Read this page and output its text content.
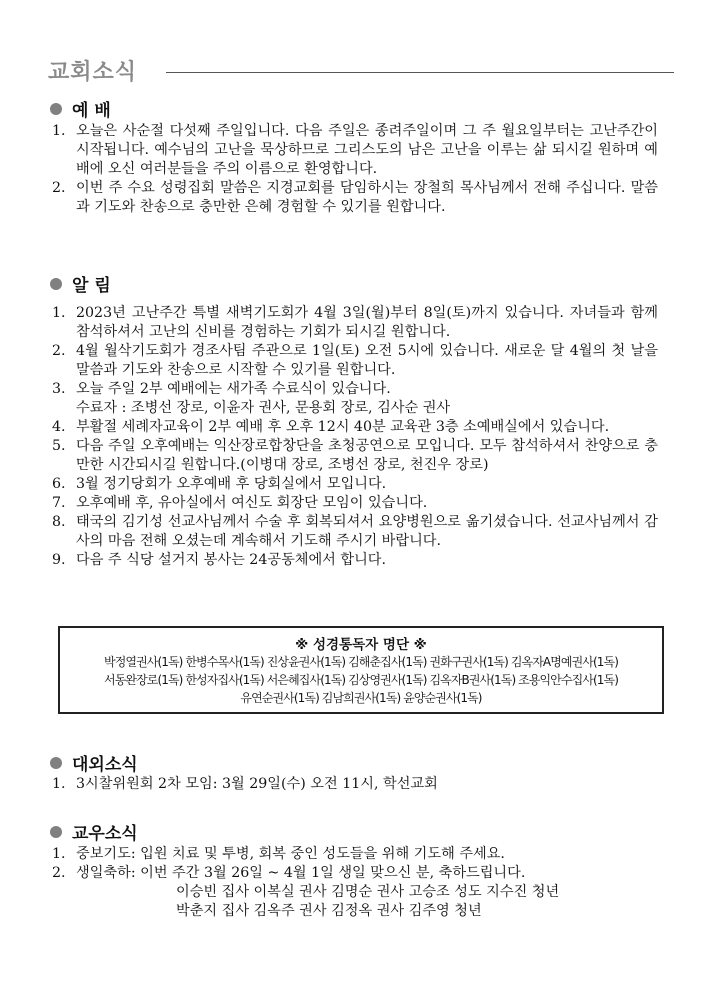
교회소식
예 배
1. 오늘은 사순절 다섯째 주일입니다. 다음 주일은 종려주일이며 그 주 월요일부터는 고난주간이 시작됩니다. 예수님의 고난을 묵상하므로 그리스도의 남은 고난을 이루는 삶 되시길 원하며 예배에 오신 여러분들을 주의 이름으로 환영합니다.
2. 이번 주 수요 성령집회 말씀은 지경교회를 담임하시는 장철희 목사님께서 전해 주십니다. 말씀과 기도와 찬송으로 충만한 은혜 경험할 수 있기를 원합니다.
알 림
1. 2023년 고난주간 특별 새벽기도회가 4월 3일(월)부터 8일(토)까지 있습니다. 자녀들과 함께 참석하셔서 고난의 신비를 경험하는 기회가 되시길 원합니다.
2. 4월 월삭기도회가 경조사팀 주관으로 1일(토) 오전 5시에 있습니다. 새로운 달 4월의 첫 날을 말씀과 기도와 찬송으로 시작할 수 있기를 원합니다.
3. 오늘 주일 2부 예배에는 새가족 수료식이 있습니다.
수료자 : 조병선 장로, 이윤자 권사, 문용회 장로, 김사순 권사
4. 부활절 세례자교육이 2부 예배 후 오후 12시 40분 교육관 3층 소예배실에서 있습니다.
5. 다음 주일 오후예배는 익산장로합창단을 초청공연으로 모입니다. 모두 참석하셔서 찬양으로 충만한 시간되시길 원합니다.(이병대 장로, 조병선 장로, 천진우 장로)
6. 3월 정기당회가 오후예배 후 당회실에서 모입니다.
7. 오후예배 후, 유아실에서 여신도 회장단 모임이 있습니다.
8. 태국의 김기성 선교사님께서 수술 후 회복되셔서 요양병원으로 옮기셨습니다. 선교사님께서 감사의 마음 전해 오셨는데 계속해서 기도해 주시기 바랍니다.
9. 다음 주 식당 설거지 봉사는 24공동체에서 합니다.
※ 성경통독자 명단 ※
박정열권사(1독) 한병수목사(1독) 진상윤권사(1독) 김해춘집사(1독) 권화구권사(1독) 김옥자A명예권사(1독)
서동완장로(1독) 한성자집사(1독) 서은혜집사(1독) 김상영권사(1독) 김옥자B권사(1독) 조용익안수집사(1독)
유연순권사(1독) 김남희권사(1독) 윤양순권사(1독)
대외소식
1. 3시찰위원회 2차 모임: 3월 29일(수) 오전 11시, 학선교회
교우소식
1. 중보기도: 입원 치료 및 투병, 회복 중인 성도들을 위해 기도해 주세요.
2. 생일축하: 이번 주간 3월 26일 ~ 4월 1일 생일 맞으신 분, 축하드립니다.
이승빈 집사 이복실 권사 김명순 권사 고승조 성도 지수진 청년
박춘지 집사 김옥주 권사 김정옥 권사 김주영 청년
